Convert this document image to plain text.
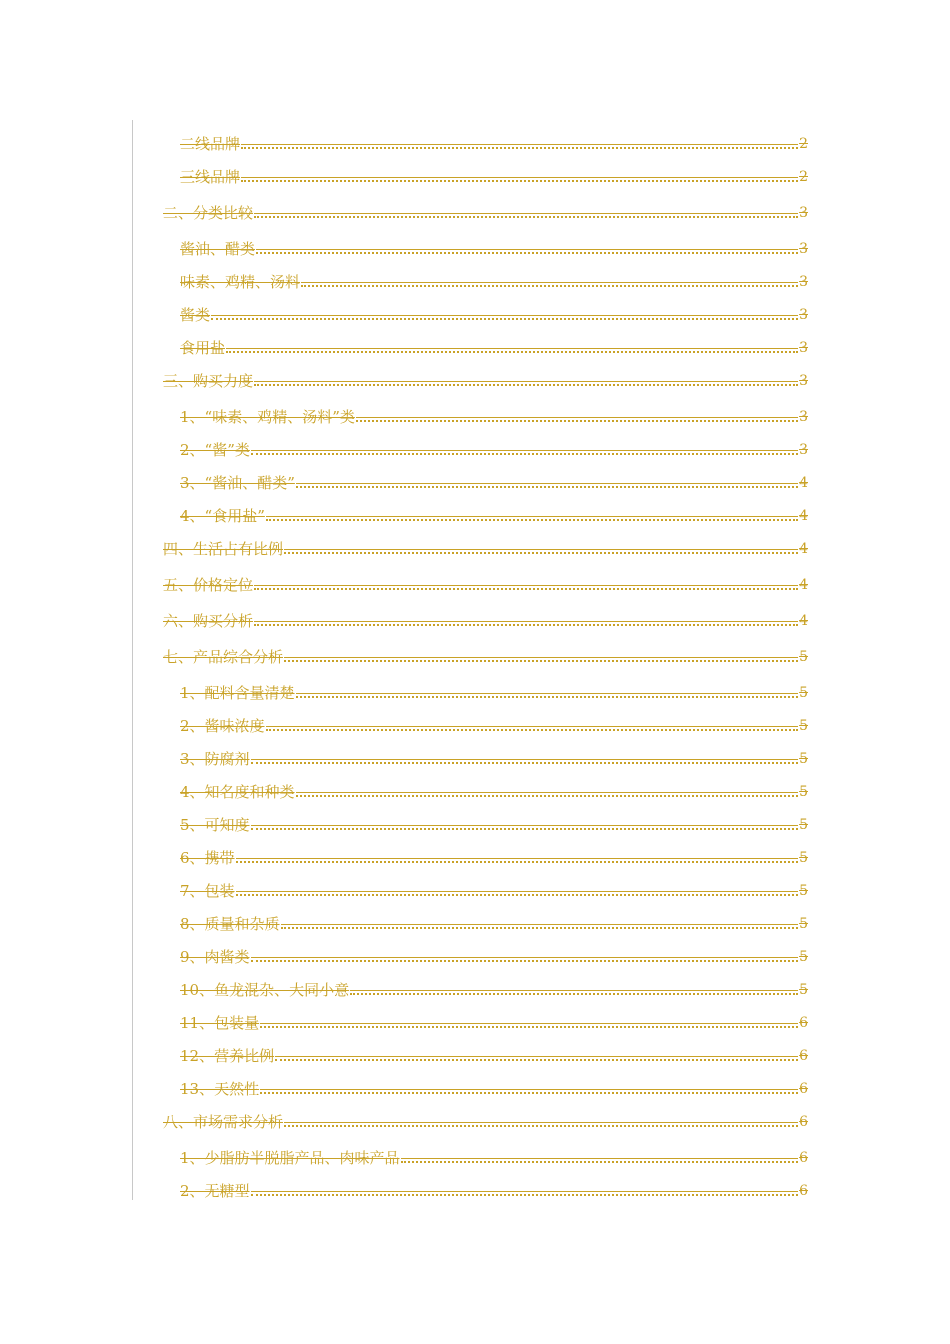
二线品牌	2
三线品牌	2
二、分类比较	3
酱油、醋类	3
味素、鸡精、汤料	3
酱类	3
食用盐	3
三、购买力度	3
1、“味素、鸡精、汤料”类	3
2、“酱”类	3
3、“酱油、醋类”	4
4、“食用盐”	4
四、生活占有比例	4
五、价格定位	4
六、购买分析	4
七、产品综合分析	5
1、配料含量清楚	5
2、酱味浓度	5
3、防腐剂	5
4、知名度和种类	5
5、可知度	5
6、携带	5
7、包装	5
8、质量和杂质	5
9、肉酱类	5
10、鱼龙混杂、大同小意	5
11、包装量	6
12、营养比例	6
13、天然性	6
八、市场需求分析	6
1、少脂肪半脱脂产品、肉味产品	6
2、无糖型	6
